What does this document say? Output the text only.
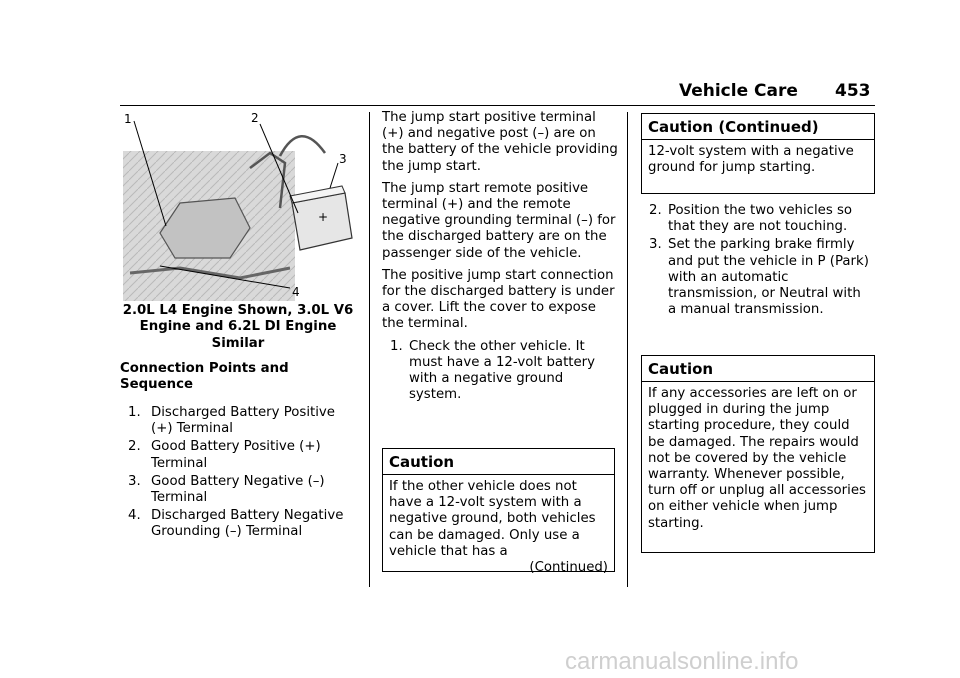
Vehicle Care 453
+
1	2
3
4
2.0L L4 Engine Shown, 3.0L V6 Engine and 6.2L DI Engine Similar
Connection Points and Sequence
1. Discharged Battery Positive (+) Terminal
2. Good Battery Positive (+) Terminal
3. Good Battery Negative (–) Terminal
4. Discharged Battery Negative Grounding (–) Terminal

The jump start positive terminal (+) and negative post (–) are on the battery of the vehicle providing the jump start.

The jump start remote positive terminal (+) and the remote negative grounding terminal (–) for the discharged battery are on the passenger side of the vehicle.

The positive jump start connection for the discharged battery is under a cover. Lift the cover to expose the terminal.

1. Check the other vehicle. It must have a 12-volt battery with a negative ground system.
Caution
If the other vehicle does not have a 12-volt system with a negative ground, both vehicles can be damaged. Only use a vehicle that has a
(Continued)
Caution (Continued)
12-volt system with a negative ground for jump starting.
2. Position the two vehicles so that they are not touching.
3. Set the parking brake firmly and put the vehicle in P (Park) with an automatic transmission, or Neutral with a manual transmission.
Caution
If any accessories are left on or plugged in during the jump starting procedure, they could be damaged. The repairs would not be covered by the vehicle warranty. Whenever possible, turn off or unplug all accessories on either vehicle when jump starting.
carmanualsonline.info
